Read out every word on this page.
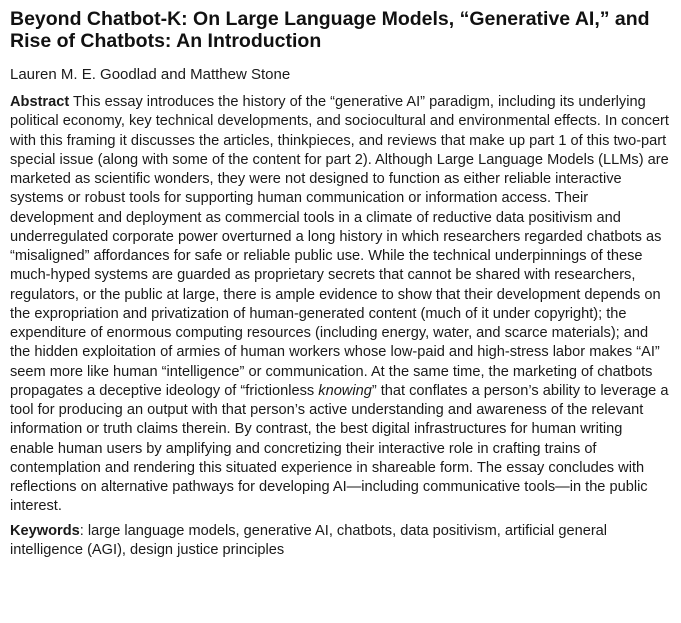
Beyond Chatbot-K: On Large Language Models, “Generative AI,” and Rise of Chatbots: An Introduction

Lauren M. E. Goodlad and Matthew Stone

Abstract This essay introduces the history of the “generative AI” paradigm, including its underlying political economy, key technical developments, and sociocultural and environmental effects. In concert with this framing it discusses the articles, thinkpieces, and reviews that make up part 1 of this two-part special issue (along with some of the content for part 2). Although Large Language Models (LLMs) are marketed as scientific wonders, they were not designed to function as either reliable interactive systems or robust tools for supporting human communication or information access. Their development and deployment as commercial tools in a climate of reductive data positivism and underregulated corporate power overturned a long history in which researchers regarded chatbots as “misaligned” affordances for safe or reliable public use. While the technical underpinnings of these much-hyped systems are guarded as proprietary secrets that cannot be shared with researchers, regulators, or the public at large, there is ample evidence to show that their development depends on the expropriation and privatization of human-generated content (much of it under copyright); the expenditure of enormous computing resources (including energy, water, and scarce materials); and the hidden exploitation of armies of human workers whose low-paid and high-stress labor makes “AI” seem more like human “intelligence” or communication. At the same time, the marketing of chatbots propagates a deceptive ideology of “frictionless knowing” that conflates a person’s ability to leverage a tool for producing an output with that person’s active understanding and awareness of the relevant information or truth claims therein. By contrast, the best digital infrastructures for human writing enable human users by amplifying and concretizing their interactive role in crafting trains of contemplation and rendering this situated experience in shareable form. The essay concludes with reflections on alternative pathways for developing AI—including communicative tools—in the public interest.

Keywords: large language models, generative AI, chatbots, data positivism, artificial general intelligence (AGI), design justice principles
